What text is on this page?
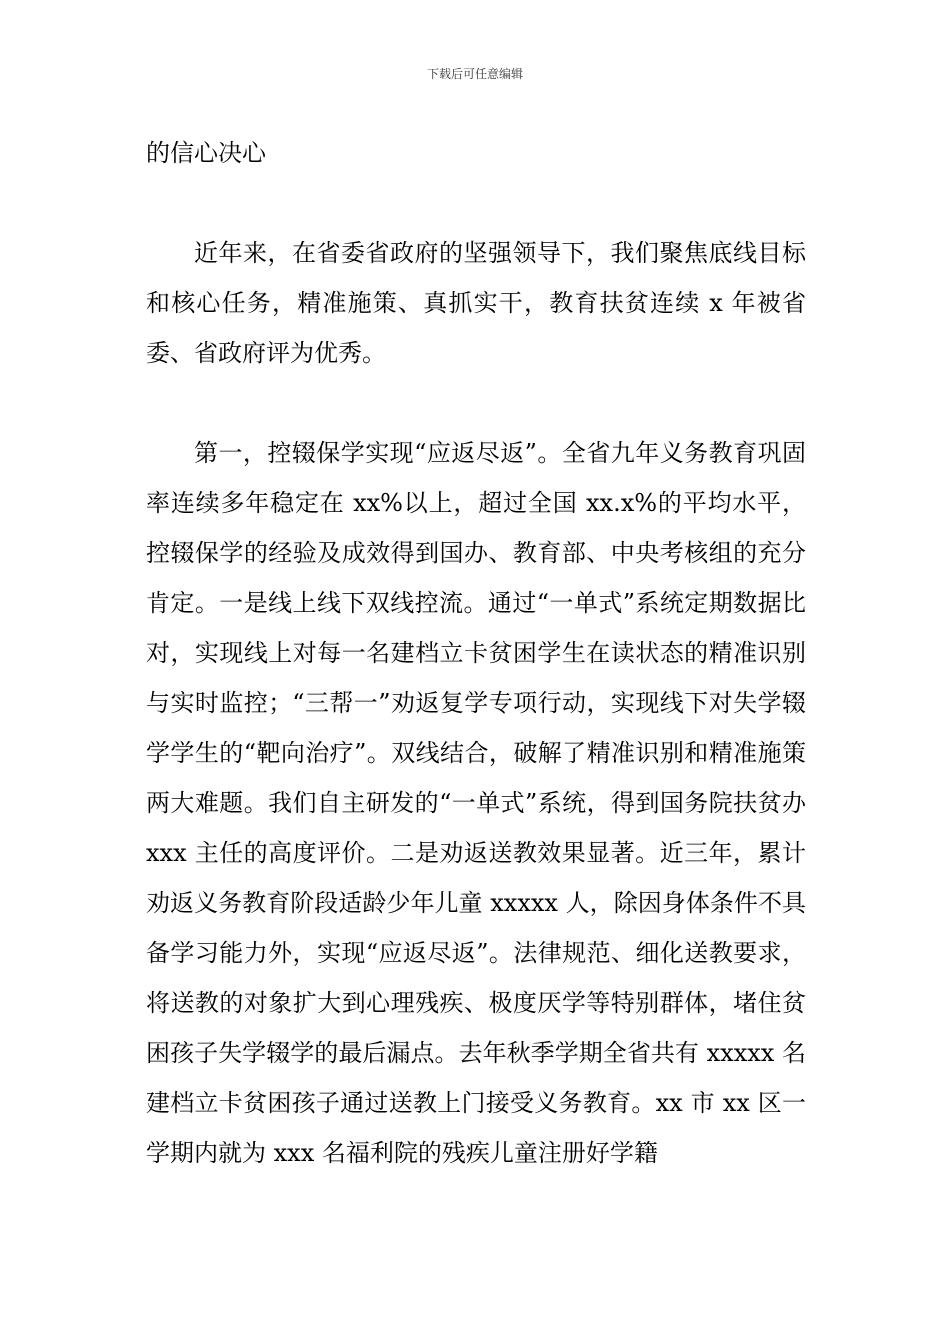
下载后可任意编辑

的信心决心

近年来，在省委省政府的坚强领导下，我们聚焦底线目标和核心任务，精准施策、真抓实干，教育扶贫连续 x 年被省委、省政府评为优秀。

第一，控辍保学实现“应返尽返”。全省九年义务教育巩固率连续多年稳定在 xx%以上，超过全国 xx.x%的平均水平，控辍保学的经验及成效得到国办、教育部、中央考核组的充分肯定。一是线上线下双线控流。通过“一单式”系统定期数据比对，实现线上对每一名建档立卡贫困学生在读状态的精准识别与实时监控；“三帮一”劝返复学专项行动，实现线下对失学辍学学生的“靶向治疗”。双线结合，破解了精准识别和精准施策两大难题。我们自主研发的“一单式”系统，得到国务院扶贫办 xxx 主任的高度评价。二是劝返送教效果显著。近三年，累计劝返义务教育阶段适龄少年儿童 xxxxx 人，除因身体条件不具备学习能力外，实现“应返尽返”。法律规范、细化送教要求，将送教的对象扩大到心理残疾、极度厌学等特别群体，堵住贫困孩子失学辍学的最后漏点。去年秋季学期全省共有 xxxxx 名建档立卡贫困孩子通过送教上门接受义务教育。xx 市 xx 区一学期内就为 xxx 名福利院的残疾儿童注册好学籍
